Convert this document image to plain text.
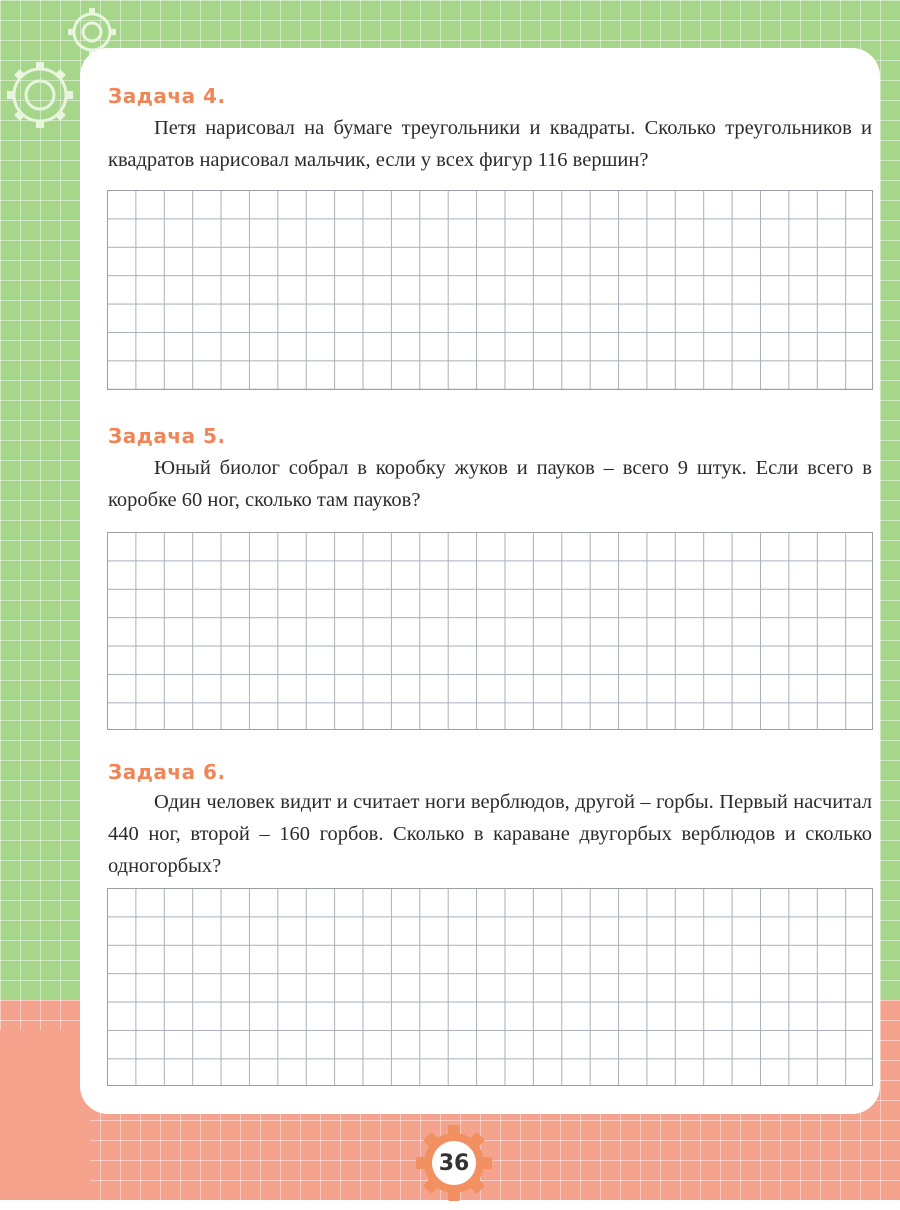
Задача 4.
Петя нарисовал на бумаге треугольники и квадраты. Сколько треугольников и квадратов нарисовал мальчик, если у всех фигур 116 вершин?
Задача 5.
Юный биолог собрал в коробку жуков и пауков – всего 9 штук. Если всего в коробке 60 ног, сколько там пауков?
Задача 6.
Один человек видит и считает ноги верблюдов, другой – горбы. Первый насчитал 440 ног, второй – 160 горбов. Сколько в караване двугорбых верблюдов и сколько одногорбых?
36
